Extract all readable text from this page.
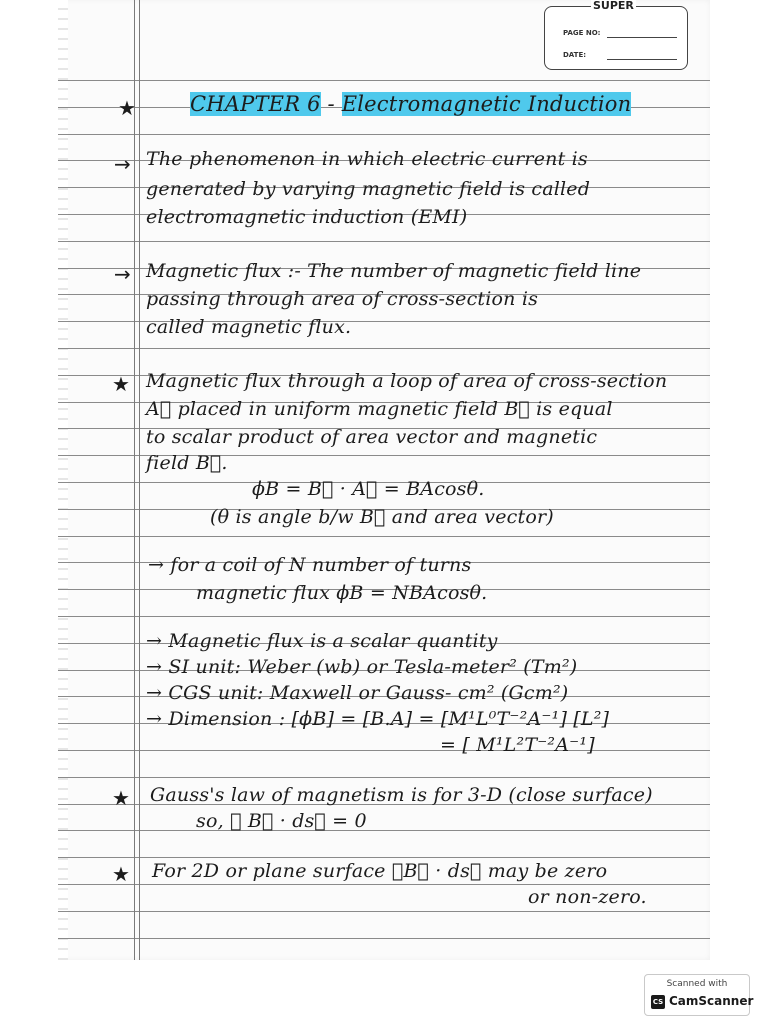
SUPER
PAGE NO:
DATE:
★	CHAPTER 6 - Electromagnetic Induction
→ The phenomenon in which electric current is
generated by varying magnetic field is called
electromagnetic induction (EMI)
→ Magnetic flux :- The number of magnetic field line
passing through area of cross-section is
called magnetic flux.
★ Magnetic flux through a loop of area of cross-section
A⃗ placed in uniform magnetic field B⃗ is equal
to scalar product of area vector and magnetic
field B⃗.
ϕB = B⃗ · A⃗ = BAcosθ.
(θ is angle b/w B⃗ and area vector)
→ for a coil of N number of turns
magnetic flux ϕB = NBAcosθ.
→ Magnetic flux is a scalar quantity
→ SI unit: Weber (wb) or Tesla-meter² (Tm²)
→ CGS unit: Maxwell or Gauss- cm² (Gcm²)
→ Dimension : [ϕB] = [B.A] = [M¹L⁰T⁻²A⁻¹] [L²]
= [ M¹L²T⁻²A⁻¹]
★ Gauss's law of magnetism is for 3-D (close surface)
so, ∮ B⃗ · ds⃗ = 0
★ For 2D or plane surface ∮B⃗ · ds⃗ may be zero
or non-zero.
Scanned with
CS CamScanner
